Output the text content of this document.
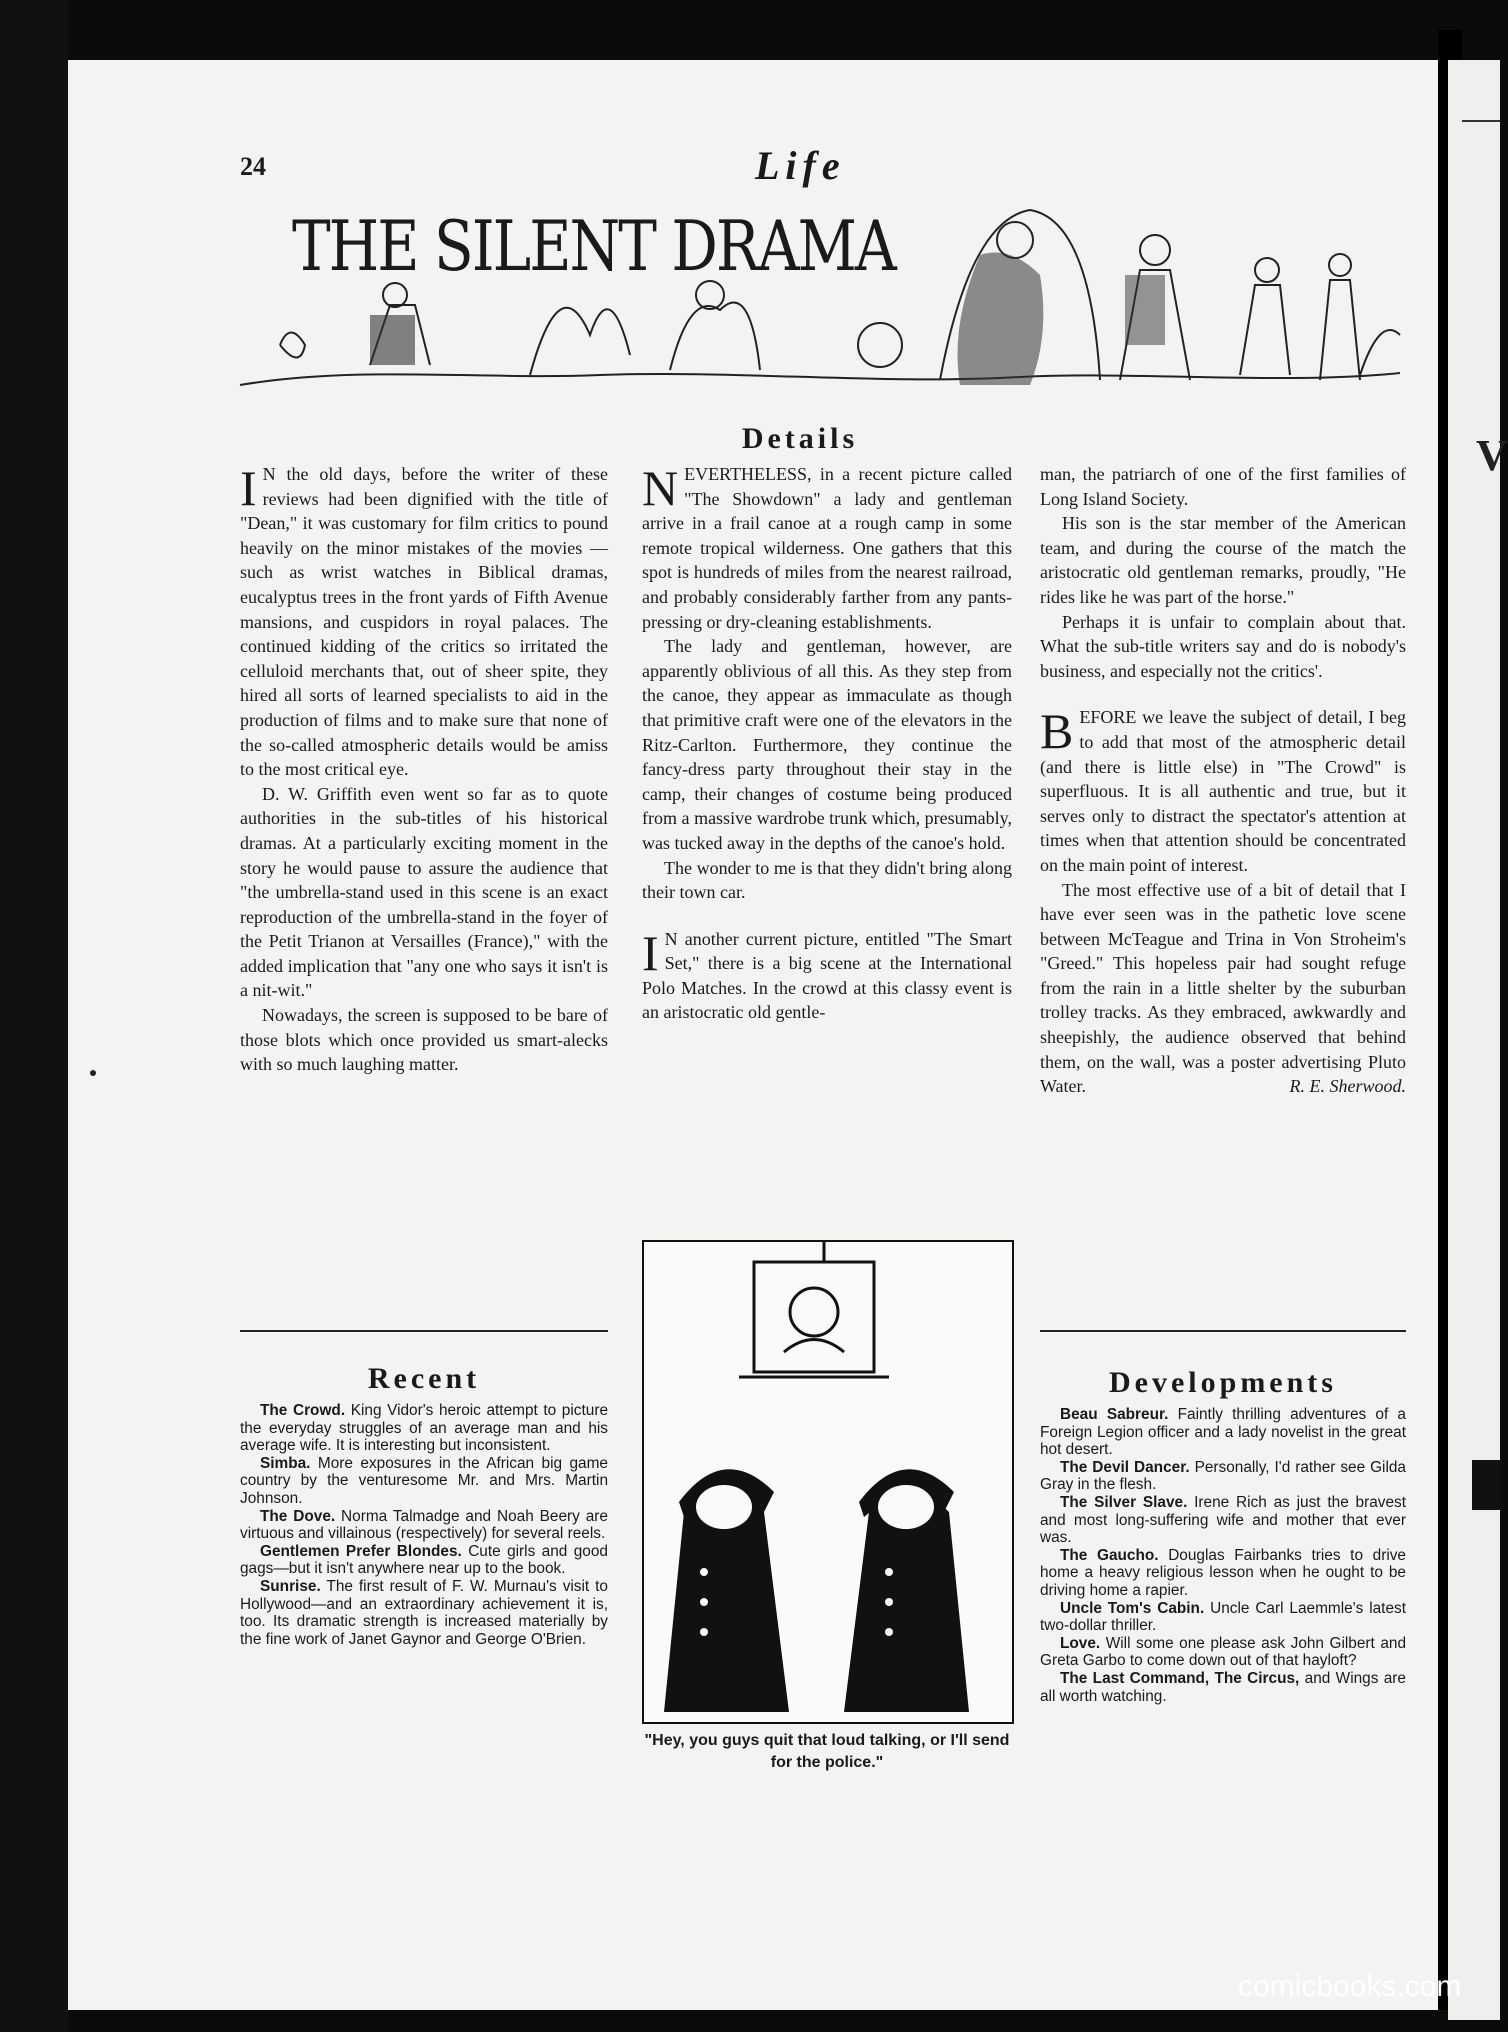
V
24	Life
THE SILENT DRAMA
Details

I N the old days, before the writer of these reviews had been dignified with the title of "Dean," it was customary for film critics to pound heavily on the minor mistakes of the movies — such as wrist watches in Biblical dramas, eucalyptus trees in the front yards of Fifth Avenue mansions, and cuspidors in royal palaces. The continued kidding of the critics so irritated the celluloid merchants that, out of sheer spite, they hired all sorts of learned specialists to aid in the production of films and to make sure that none of the so-called atmospheric details would be amiss to the most critical eye.

D. W. Griffith even went so far as to quote authorities in the sub-titles of his historical dramas. At a particularly exciting moment in the story he would pause to assure the audience that "the umbrella-stand used in this scene is an exact reproduction of the umbrella-stand in the foyer of the Petit Trianon at Versailles (France)," with the added implication that "any one who says it isn't is a nit-wit."

Nowadays, the screen is supposed to be bare of those blots which once provided us smart-alecks with so much laughing matter.

NEVERTHELESS, in a recent picture called "The Showdown" a lady and gentleman arrive in a frail canoe at a rough camp in some remote tropical wilderness. One gathers that this spot is hundreds of miles from the nearest railroad, and probably considerably farther from any pants-pressing or dry-cleaning establishments.

The lady and gentleman, however, are apparently oblivious of all this. As they step from the canoe, they appear as immaculate as though that primitive craft were one of the elevators in the Ritz-Carlton. Furthermore, they continue the fancy-dress party throughout their stay in the camp, their changes of costume being produced from a massive wardrobe trunk which, presumably, was tucked away in the depths of the canoe's hold.

The wonder to me is that they didn't bring along their town car.

I N another current picture, entitled "The Smart Set," there is a big scene at the International Polo Matches. In the crowd at this classy event is an aristocratic old gentle-

man, the patriarch of one of the first families of Long Island Society.

His son is the star member of the American team, and during the course of the match the aristocratic old gentleman remarks, proudly, "He rides like he was part of the horse."

Perhaps it is unfair to complain about that. What the sub-title writers say and do is nobody's business, and especially not the critics'.

BEFORE we leave the subject of detail, I beg to add that most of the atmospheric detail (and there is little else) in "The Crowd" is superfluous. It is all authentic and true, but it serves only to distract the spectator's attention at times when that attention should be concentrated on the main point of interest.

The most effective use of a bit of detail that I have ever seen was in the pathetic love scene between McTeague and Trina in Von Stroheim's "Greed." This hopeless pair had sought refuge from the rain in a little shelter by the suburban trolley tracks. As they embraced, awkwardly and sheepishly, the audience observed that behind them, on the wall, was a poster advertising Pluto Water.	R. E. Sherwood.

Recent

The Crowd. King Vidor's heroic attempt to picture the everyday struggles of an average man and his average wife. It is interesting but inconsistent.

Simba. More exposures in the African big game country by the venturesome Mr. and Mrs. Martin Johnson.

The Dove. Norma Talmadge and Noah Beery are virtuous and villainous (respectively) for several reels.

Gentlemen Prefer Blondes. Cute girls and good gags—but it isn't anywhere near up to the book.

Sunrise. The first result of F. W. Murnau's visit to Hollywood—and an extraordinary achievement it is, too. Its dramatic strength is increased materially by the fine work of Janet Gaynor and George O'Brien.

"Hey, you guys quit that loud talking, or I'll send for the police."
Developments

Beau Sabreur. Faintly thrilling adventures of a Foreign Legion officer and a lady novelist in the great hot desert.

The Devil Dancer. Personally, I'd rather see Gilda Gray in the flesh.

The Silver Slave. Irene Rich as just the bravest and most long-suffering wife and mother that ever was.

The Gaucho. Douglas Fairbanks tries to drive home a heavy religious lesson when he ought to be driving home a rapier.

Uncle Tom's Cabin. Uncle Carl Laemmle's latest two-dollar thriller.

Love. Will some one please ask John Gilbert and Greta Garbo to come down out of that hayloft?

The Last Command, The Circus, and Wings are all worth watching.

comicbooks.com
